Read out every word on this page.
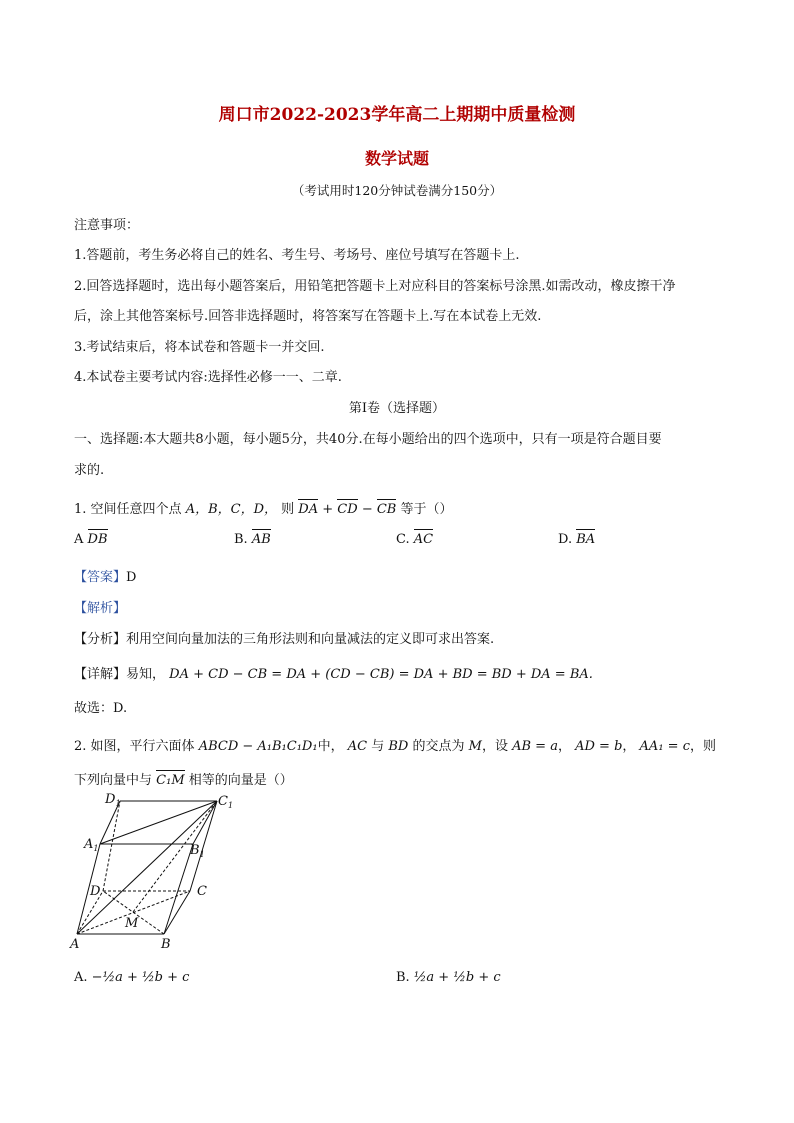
周口市2022-2023学年高二上期期中质量检测
数学试题
（考试用时120分钟试卷满分150分）
注意事项：
1.答题前，考生务必将自己的姓名、考生号、考场号、座位号填写在答题卡上.
2.回答选择题时，选出每小题答案后，用铅笔把答题卡上对应科目的答案标号涂黑.如需改动，橡皮擦干净
后，涂上其他答案标号.回答非选择题时，将答案写在答题卡上.写在本试卷上无效.
3.考试结束后，将本试卷和答题卡一并交回.
4.本试卷主要考试内容:选择性必修一一、二章.
第I卷（选择题）
一、选择题:本大题共8小题，每小题5分，共40分.在每小题给出的四个选项中，只有一项是符合题目要
求的.
1. 空间任意四个点 A，B，C，D， 则 DA + CD − CB 等于（）
A DB	B. AB	C. AC	D. BA
【答案】D
【解析】
【分析】利用空间向量加法的三角形法则和向量减法的定义即可求出答案.
【详解】易知， DA + CD − CB = DA + (CD − CB) = DA + BD = BD + DA = BA.
故选：D.
2. 如图，平行六面体 ABCD − A₁B₁C₁D₁中， AC 与 BD 的交点为 M，设 AB = a， AD = b， AA₁ = c，则
下列向量中与 C₁M 相等的向量是（）
$D_1$	$C_1$
$A_1$	$B_1$
D	C
M
A	B
A. −½a + ½b + c	B. ½a + ½b + c
